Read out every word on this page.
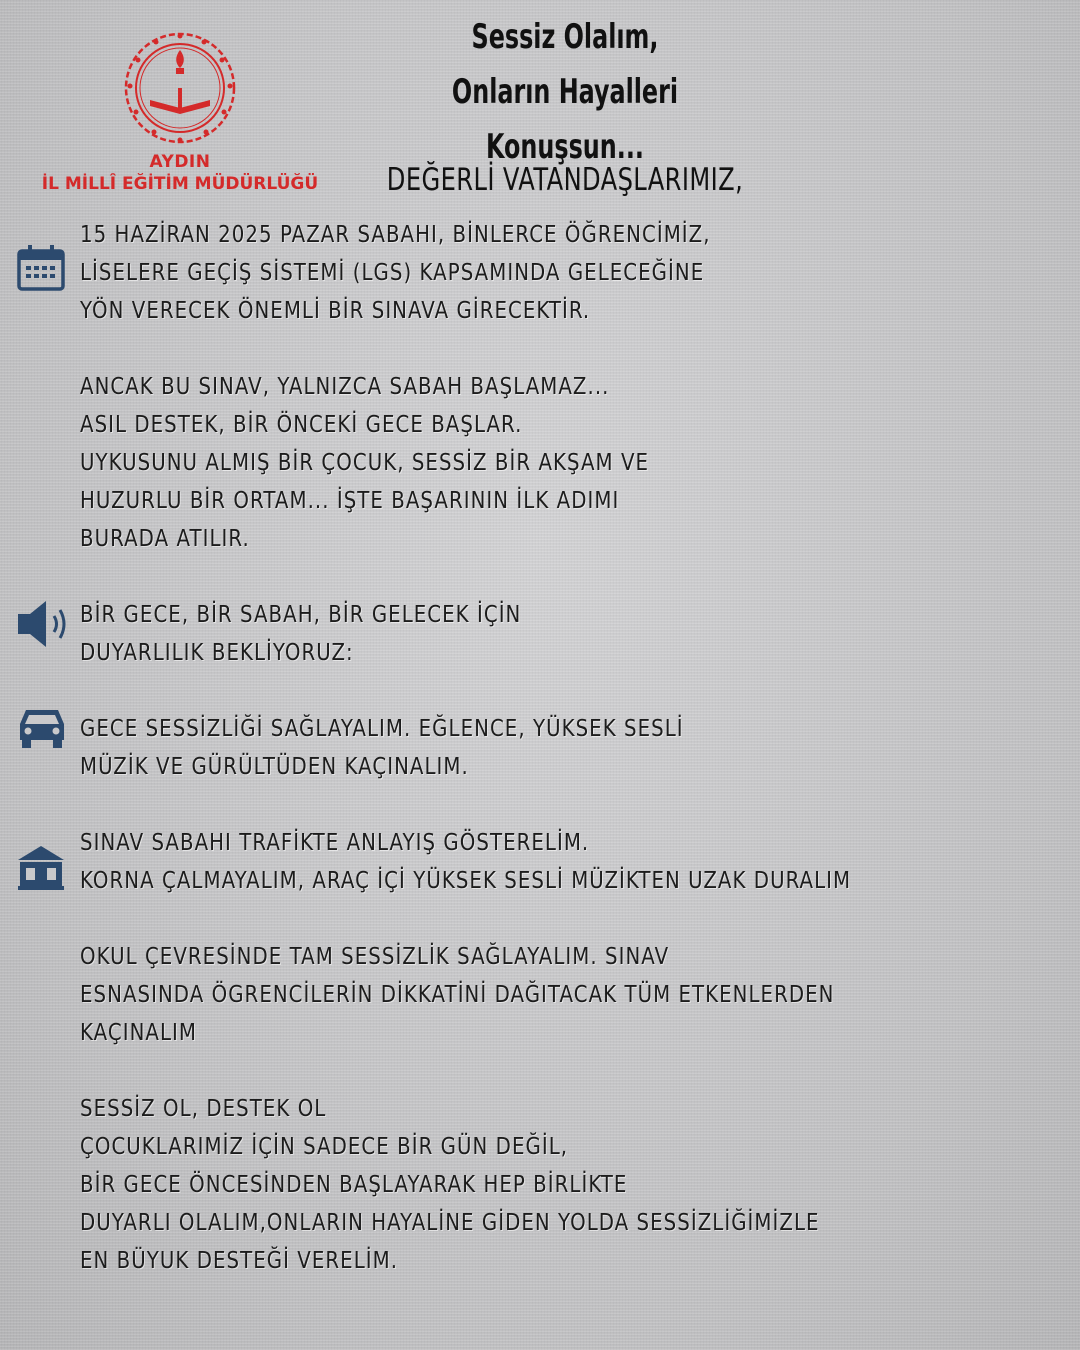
AYDIN
İL MİLLÎ EĞİTİM MÜDÜRLÜĞÜ
Sessiz Olalım,
Onların Hayalleri
Konuşsun...
DEĞERLİ VATANDAŞLARIMIZ,
15 HAZİRAN 2025 PAZAR SABAHI, BİNLERCE ÖĞRENCİMİZ,
LİSELERE GEÇİŞ SİSTEMİ (LGS) KAPSAMINDA GELECEĞİNE
YÖN VERECEK ÖNEMLİ BİR SINAVA GİRECEKTİR.
ANCAK BU SINAV, YALNIZCA SABAH BAŞLAMAZ...
ASIL DESTEK, BİR ÖNCEKİ GECE BAŞLAR.
UYKUSUNU ALMIŞ BİR ÇOCUK, SESSİZ BİR AKŞAM VE
HUZURLU BİR ORTAM... İŞTE BAŞARININ İLK ADIMI
BURADA ATILIR.
BİR GECE, BİR SABAH, BİR GELECEK İÇİN
DUYARLILIK BEKLİYORUZ:
GECE SESSİZLİĞİ SAĞLAYALIM. EĞLENCE, YÜKSEK SESLİ
MÜZİK VE GÜRÜLTÜDEN KAÇINALIM.
SINAV SABAHI TRAFİKTE ANLAYIŞ GÖSTERELİM.
KORNA ÇALMAYALIM, ARAÇ İÇİ YÜKSEK SESLİ MÜZİKTEN UZAK DURALIM
OKUL ÇEVRESİNDE TAM SESSİZLİK SAĞLAYALIM. SINAV
ESNASINDA ÖGRENCİLERİN DİKKATİNİ DAĞITACAK TÜM ETKENLERDEN
KAÇINALIM
SESSİZ OL, DESTEK OL
ÇOCUKLARIMİZ İÇİN SADECE BİR GÜN DEĞİL,
BİR GECE ÖNCESİNDEN BAŞLAYARAK HEP BİRLİKTE
DUYARLI OLALIM,ONLARIN HAYALİNE GİDEN YOLDA SESSİZLİĞİMİZLE
EN BÜYUK DESTEĞİ VERELİM.
